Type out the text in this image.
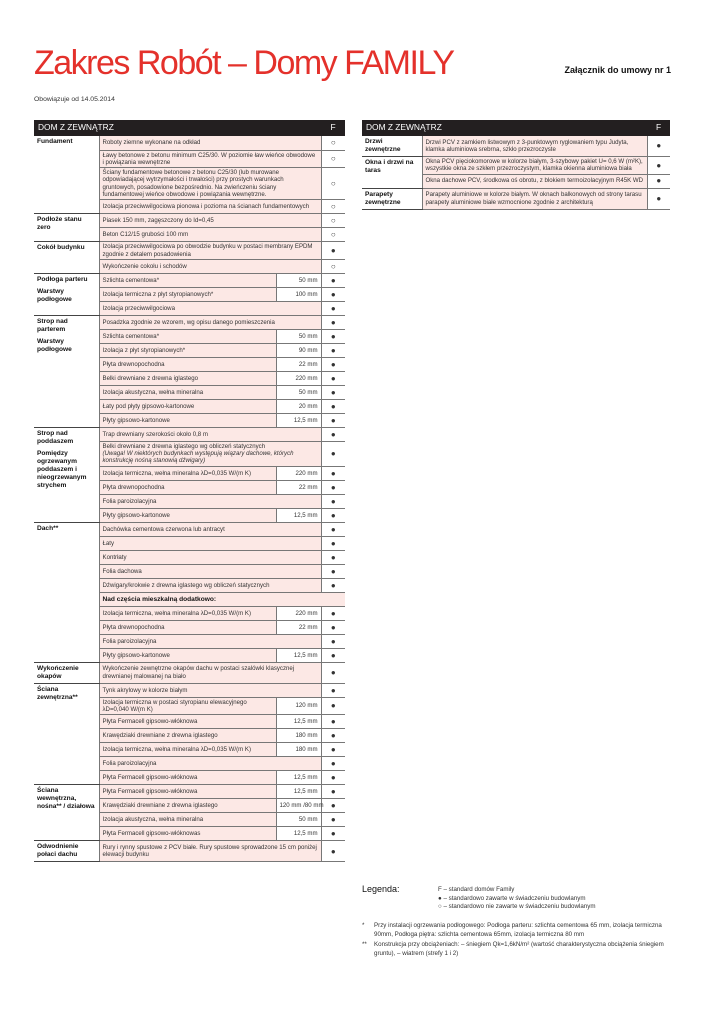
Zakres Robót – Domy FAMILY	Załącznik do umowy nr 1
Obowiązuje od 14.05.2014
DOM Z ZEWNĄTRZ			F

Fundament	Roboty ziemne wykonane na odkład		○
	Ławy betonowe z betonu minimum C25/30. W poziomie ław wieńce obwodowe i powiązania wewnętrzne		○
	Ściany fundamentowe betonowe z betonu C25/30 (lub murowane odpowiadającej wytrzymałości i trwałości) przy prostych warunkach gruntowych, posadowione bezpośrednio. Na zwieńczeniu ściany fundamentowej wieńce obwodowe i powiązania wewnętrzne.		○
	Izolacja przeciwwilgociowa pionowa i pozioma na ścianach fundamentowych		○

Podłoże stanu zero	Piasek 150 mm, zagęszczony do Id=0,45		○
	Beton C12/15 grubości 100 mm		○

Cokół budynku	Izolacja przeciwwilgociowa po obwodzie budynku w postaci membrany EPDM zgodnie z detalem posadowienia		●
	Wykończenie cokołu i schodów		○

Podłoga parteru
Warstwy podłogowe	Szlichta cementowa*	50 mm	●
	Izolacja termiczna z płyt styropianowych*	100 mm	●
	Izolacja przeciwwilgociowa		●

Strop nad parterem
Warstwy podłogowe	Posadzka zgodnie ze wzorem, wg opisu danego pomieszczenia		●
	Szlichta cementowa*	50 mm	●
	Izolacja z płyt styropianowych*	90 mm	●
	Płyta drewnopochodna	22 mm	●
	Belki drewniane z drewna iglastego	220 mm	●
	Izolacja akustyczna, wełna mineralna	50 mm	●
	Łaty pod płyty gipsowo-kartonowe	20 mm	●
	Płyty gipsowo-kartonowe	12,5 mm	●

Strop nad poddaszem
Pomiędzy ogrzewanym poddaszem i nieogrzewanym strychem	Trap drewniany szerokości około 0,8 m		●
	Belki drewniane z drewna iglastego wg obliczeń statycznych
(Uwaga! W niektórych budynkach występują wiązary dachowe, których konstrukcję nośną stanowią dźwigary)		●
	Izolacja termiczna, wełna mineralna λD=0,035 W/(m K)	220 mm	●
	Płyta drewnopochodna	22 mm	●
	Folia paroizolacyjna		●
	Płyty gipsowo-kartonowe	12,5 mm	●

Dach**	Dachówka cementowa czerwona lub antracyt		●
	Łaty		●
	Kontrłaty		●
	Folia dachowa		●
	Dźwigary/krokwie z drewna iglastego wg obliczeń statycznych		●
	Nad częścia mieszkalną dodatkowo:		
	Izolacja termiczna, wełna mineralna λD=0,035 W/(m K)	220 mm	●
	Płyta drewnopochodna	22 mm	●
	Folia paroizolacyjna		●
	Płyty gipsowo-kartonowe	12,5 mm	●

Wykończenie okapów	Wykończenie zewnętrzne okapów dachu w postaci szalówki klasycznej drewnianej malowanej na biało		●

Ściana zewnętrzna**	Tynk akrylowy w kolorze białym		●
	Izolacja termiczna w postaci styropianu elewacyjnego λD=0,040 W/(m K)	120 mm	●
	Płyta Fermacell gipsowo-włóknowa	12,5 mm	●
	Krawędziaki drewniane z drewna iglastego	180 mm	●
	Izolacja termiczna, wełna mineralna λD=0,035 W/(m K)	180 mm	●
	Folia paroizolacyjna		●
	Płyta Fermacell gipsowo-włóknowa	12,5 mm	●

Ściana wewnętrzna, nośna** / działowa	Płyta Fermacell gipsowo-włóknowa	12,5 mm	●
	Krawędziaki drewniane z drewna iglastego	120 mm /80 mm	●
	Izolacja akustyczna, wełna mineralna	50 mm	●
	Płyta Fermacell gipsowo-włóknowas	12,5 mm	●

Odwodnienie połaci dachu	Rury i rynny spustowe z PCV białe. Rury spustowe sprowadzone 15 cm poniżej elewacji budynku		●
DOM Z ZEWNĄTRZ		F

Drzwi zewnętrzne	Drzwi PCV z zamkiem listwowym z 3-punktowym ryglowaniem typu Judyta, klamka aluminiowa srebrna, szkło przezroczyste	●

Okna i drzwi na taras	Okna PCV pięciokomorowe w kolorze białym, 3-szybowy pakiet U= 0,6 W (m²K), wszystkie okna ze szkłem przezroczystym, klamka okienna aluminiowa biała	●
	Okna dachowe PCV, środkowa oś obrotu, z blokiem termoizolacyjnym R45K WD	●

Parapety zewnętrzne	Parapety aluminiowe w kolorze białym. W oknach balkonowych od strony tarasu parapety aluminiowe białe wzmocnione zgodnie z architekturą	●
Legenda:	F – standard domów Family
● – standardowo zawarte w świadczeniu budowlanym
○ – standardowo nie zawarte w świadczeniu budowlanym
* Przy instalacji ogrzewania podłogowego: Podłoga parteru: szlichta cementowa 65 mm, izolacja termiczna 90mm, Podłoga piętra: szlichta cementowa 65mm, izolacja termiczna 80 mm
** Konstrukcja przy obciążeniach: – śniegiem Qk=1,6kN/m² (wartość charakterystyczna obciążenia śniegiem gruntu), – wiatrem (strefy 1 i 2)
